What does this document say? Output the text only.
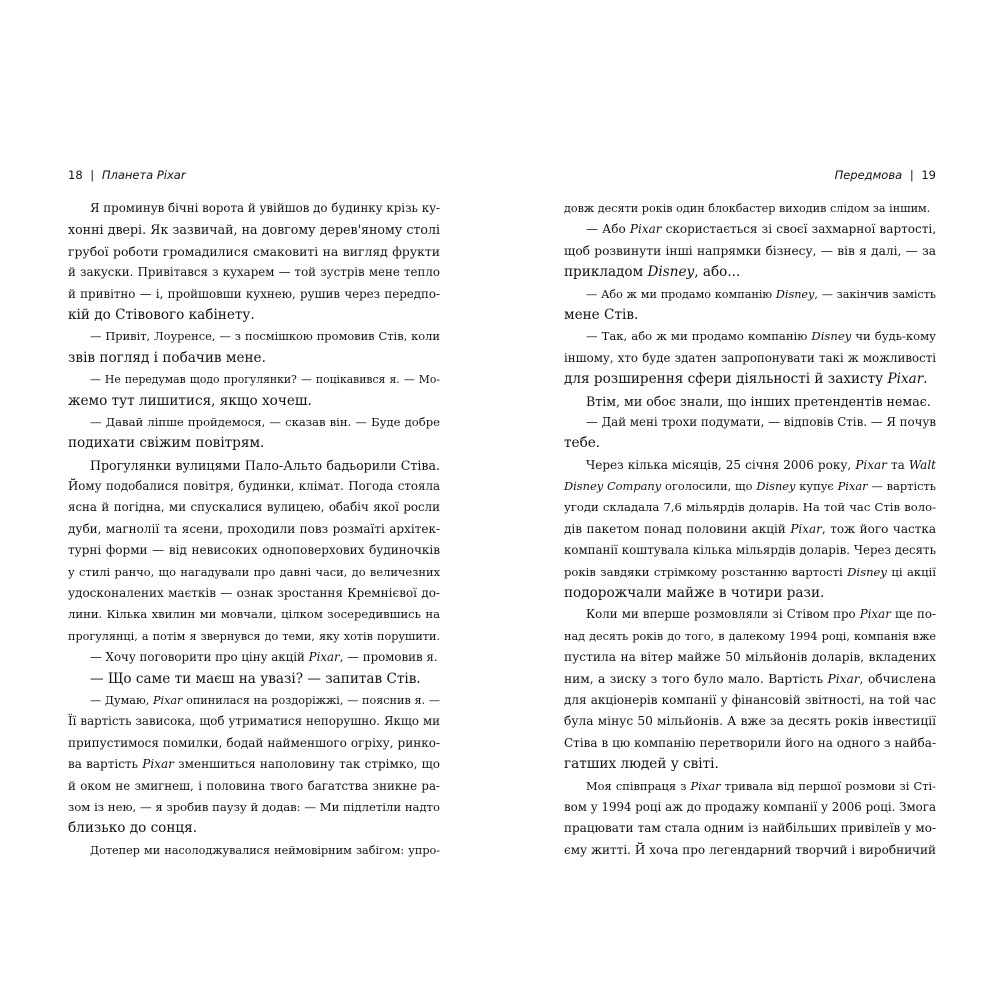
18 | Планета Pixar
Я проминув бічні ворота й увійшов до будинку крізь ку-
хонні двері. Як зазвичай, на довгому дерев'яному столі
грубої роботи громадилися смаковиті на вигляд фрукти
й закуски. Привітався з кухарем — той зустрів мене тепло
й привітно — і, пройшовши кухнею, рушив через передпо-
кій до Стівового кабінету.
— Привіт, Лоуренсе, — з посмішкою промовив Стів, коли
звів погляд і побачив мене.
— Не передумав щодо прогулянки? — поцікавився я. — Мо-
жемо тут лишитися, якщо хочеш.
— Давай ліпше пройдемося, — сказав він. — Буде добре
подихати свіжим повітрям.
Прогулянки вулицями Пало-Альто бадьорили Стіва.
Йому подобалися повітря, будинки, клімат. Погода стояла
ясна й погідна, ми спускалися вулицею, обабіч якої росли
дуби, магнолії та ясени, проходили повз розмаїті архітек-
турні форми — від невисоких одноповерхових будиночків
у стилі ранчо, що нагадували про давні часи, до величезних
удосконалених маєтків — ознак зростання Кремнієвої до-
лини. Кілька хвилин ми мовчали, цілком зосередившись на
прогулянці, а потім я звернувся до теми, яку хотів порушити.
— Хочу поговорити про ціну акцій Pixar, — промовив я.
— Що саме ти маєш на увазі? — запитав Стів.
— Думаю, Pixar опинилася на роздоріжжі, — пояснив я. —
Її вартість зависока, щоб утриматися непорушно. Якщо ми
припустимося помилки, бодай найменшого огріху, ринко-
ва вартість Pixar зменшиться наполовину так стрімко, що
й оком не змигнеш, і половина твого багатства зникне ра-
зом із нею, — я зробив паузу й додав: — Ми підлетіли надто
близько до сонця.
Дотепер ми насолоджувалися неймовірним забігом: упро-
Передмова | 19
довж десяти років один блокбастер виходив слідом за іншим.
— Або Pixar скористається зі своєї захмарної вартості,
щоб розвинути інші напрямки бізнесу, — вів я далі, — за
прикладом Disney, або...
— Або ж ми продамо компанію Disney, — закінчив замість
мене Стів.
— Так, або ж ми продамо компанію Disney чи будь-кому
іншому, хто буде здатен запропонувати такі ж можливості
для розширення сфери діяльності й захисту Pixar.
Втім, ми обоє знали, що інших претендентів немає.
— Дай мені трохи подумати, — відповів Стів. — Я почув
тебе.
Через кілька місяців, 25 січня 2006 року, Pixar та Walt
Disney Company оголосили, що Disney купує Pixar — вартість
угоди складала 7,6 мільярдів доларів. На той час Стів воло-
дів пакетом понад половини акцій Pixar, тож його частка
компанії коштувала кілька мільярдів доларів. Через десять
років завдяки стрімкому розстанню вартості Disney ці акції
подорожчали майже в чотири рази.
Коли ми вперше розмовляли зі Стівом про Pixar ще по-
над десять років до того, в далекому 1994 році, компанія вже
пустила на вітер майже 50 мільйонів доларів, вкладених
ним, а зиску з того було мало. Вартість Pixar, обчислена
для акціонерів компанії у фінансовій звітності, на той час
була мінус 50 мільйонів. А вже за десять років інвестиції
Стіва в цю компанію перетворили його на одного з найба-
гатших людей у світі.
Моя співпраця з Pixar тривала від першої розмови зі Сті-
вом у 1994 році аж до продажу компанії у 2006 році. Змога
працювати там стала одним із найбільших привілеїв у мо-
єму житті. Й хоча про легендарний творчий і виробничий
